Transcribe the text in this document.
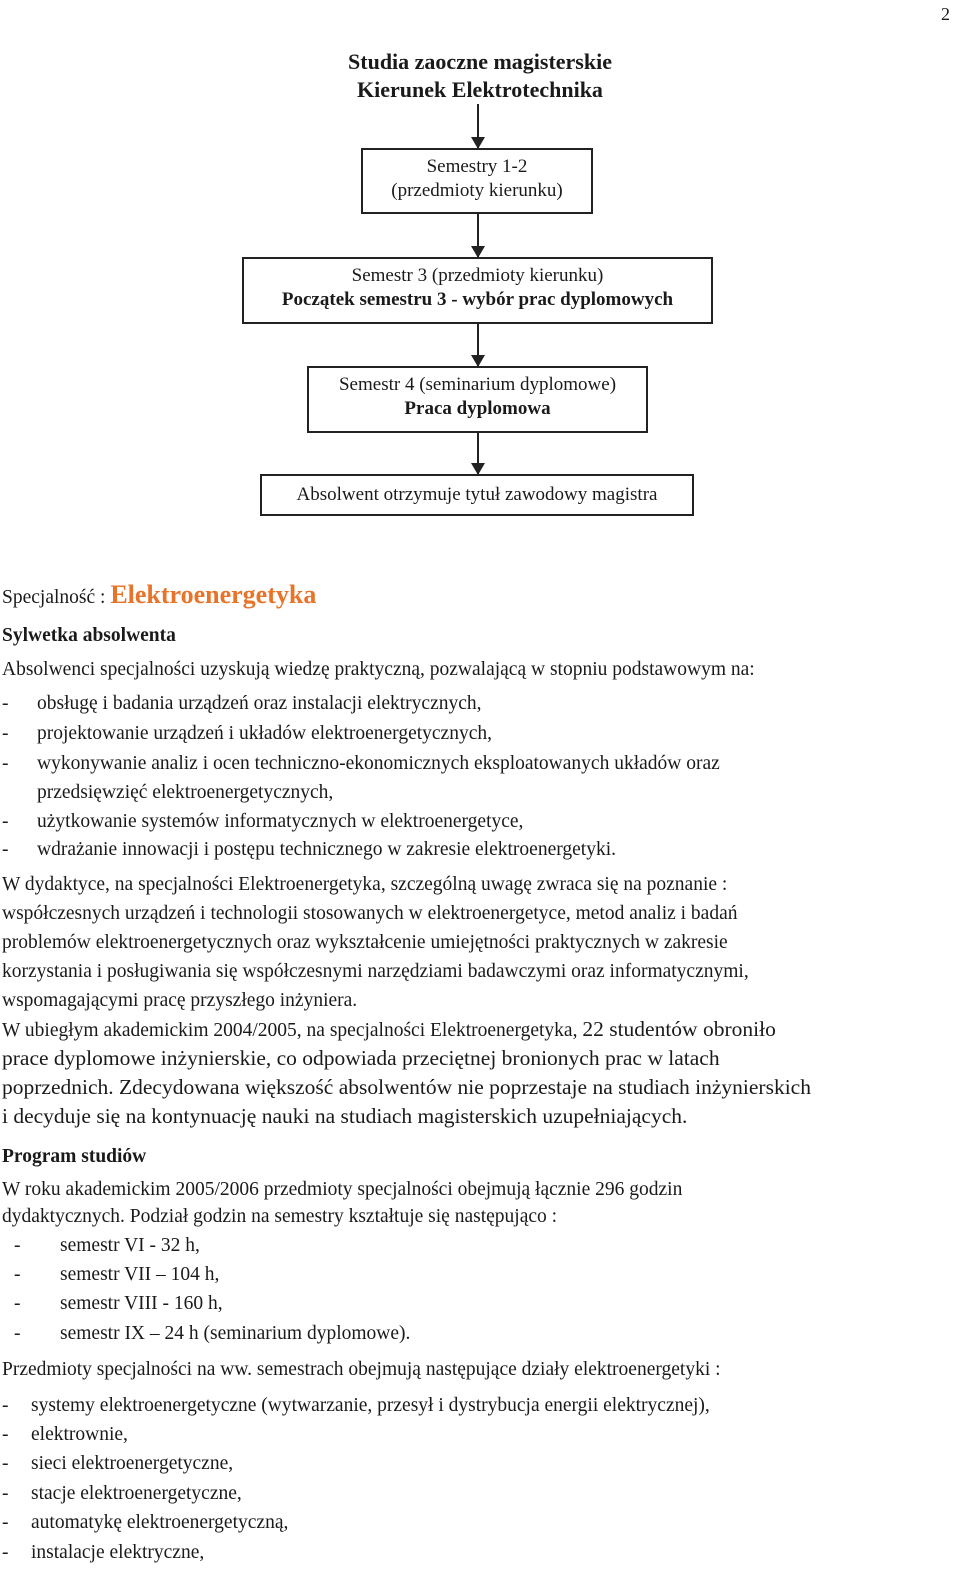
2
Studia zaoczne magisterskie
Kierunek Elektrotechnika
Semestry 1-2
(przedmioty kierunku)
Semestr 3 (przedmioty kierunku)
Początek semestru 3 - wybór prac dyplomowych
Semestr 4 (seminarium dyplomowe)
Praca dyplomowa
Absolwent otrzymuje tytuł zawodowy magistra
Specjalność : Elektroenergetyka
Sylwetka absolwenta
Absolwenci specjalności uzyskują wiedzę praktyczną, pozwalającą w stopniu podstawowym na:
- obsługę i badania urządzeń oraz instalacji elektrycznych,
- projektowanie urządzeń i układów elektroenergetycznych,
- wykonywanie analiz i ocen techniczno-ekonomicznych eksploatowanych układów oraz
przedsięwzięć elektroenergetycznych,
- użytkowanie systemów informatycznych w elektroenergetyce,
- wdrażanie innowacji i postępu technicznego w zakresie elektroenergetyki.
W dydaktyce, na specjalności Elektroenergetyka, szczególną uwagę zwraca się na poznanie :
współczesnych urządzeń i technologii stosowanych w elektroenergetyce, metod analiz i badań
problemów elektroenergetycznych oraz wykształcenie umiejętności praktycznych w zakresie
korzystania i posługiwania się współczesnymi narzędziami badawczymi oraz informatycznymi,
wspomagającymi pracę przyszłego inżyniera.
W ubiegłym akademickim 2004/2005, na specjalności Elektroenergetyka, 22 studentów obroniło
prace dyplomowe inżynierskie, co odpowiada przeciętnej bronionych prac w latach
poprzednich. Zdecydowana większość absolwentów nie poprzestaje na studiach inżynierskich
i decyduje się na kontynuację nauki na studiach magisterskich uzupełniających.
Program studiów
W roku akademickim 2005/2006 przedmioty specjalności obejmują łącznie 296 godzin
dydaktycznych. Podział godzin na semestry kształtuje się następująco :
- semestr VI - 32 h,
- semestr VII – 104 h,
- semestr VIII - 160 h,
- semestr IX – 24 h (seminarium dyplomowe).
Przedmioty specjalności na ww. semestrach obejmują następujące działy elektroenergetyki :
- systemy elektroenergetyczne (wytwarzanie, przesył i dystrybucja energii elektrycznej),
- elektrownie,
- sieci elektroenergetyczne,
- stacje elektroenergetyczne,
- automatykę elektroenergetyczną,
- instalacje elektryczne,
